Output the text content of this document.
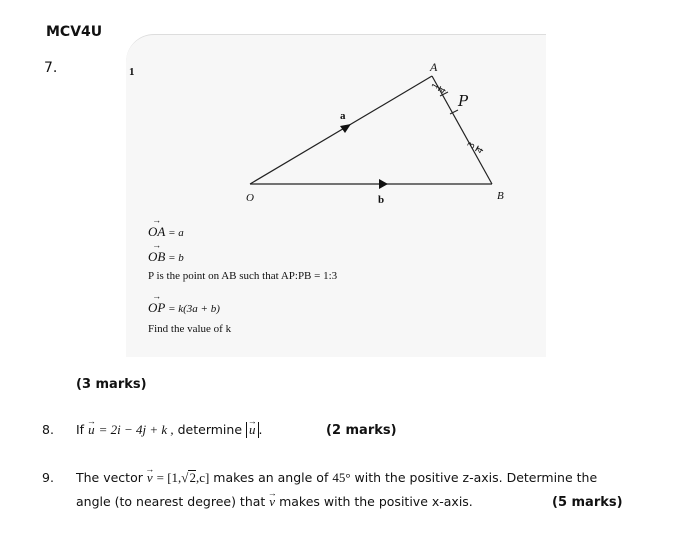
MCV4U
7.	1	A
B
O
a
b
P
1
4
3
4
→ OA = a
→ OB = b
P is the point on AB such that AP:PB = 1:3
→ OP = k(3a + b)
Find the value of k
(3 marks)
8. If → u = 2i − 4j + k , determine → u .	(2 marks)
9. The vector → v = [1,√2,c] makes an angle of 45° with the positive z-axis. Determine the
angle (to nearest degree) that → v makes with the positive x-axis.	(5 marks)
